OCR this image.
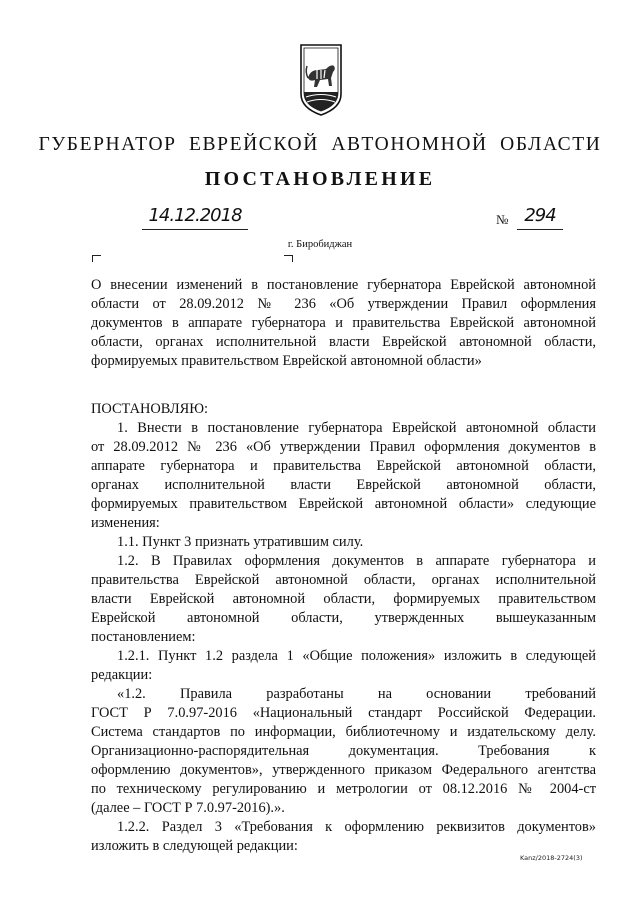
ГУБЕРНАТОР ЕВРЕЙСКОЙ АВТОНОМНОЙ ОБЛАСТИ
ПОСТАНОВЛЕНИЕ
14.12.2018	№ 294
г. Биробиджан
О внесении изменений в постановление губернатора Еврейской автономной
области от 28.09.2012 № 236 «Об утверждении Правил оформления
документов в аппарате губернатора и правительства Еврейской автономной
области, органах исполнительной власти Еврейской автономной области,
формируемых правительством Еврейской автономной области»
ПОСТАНОВЛЯЮ:
1. Внести в постановление губернатора Еврейской автономной области
от 28.09.2012 № 236 «Об утверждении Правил оформления документов в
аппарате губернатора и правительства Еврейской автономной области,
органах исполнительной власти Еврейской автономной области,
формируемых правительством Еврейской автономной области» следующие
изменения:
1.1. Пункт 3 признать утратившим силу.
1.2. В Правилах оформления документов в аппарате губернатора и
правительства Еврейской автономной области, органах исполнительной
власти Еврейской автономной области, формируемых правительством
Еврейской автономной области, утвержденных вышеуказанным
постановлением:
1.2.1. Пункт 1.2 раздела 1 «Общие положения» изложить в следующей
редакции:
«1.2. Правила разработаны на основании требований
ГОСТ Р 7.0.97-2016 «Национальный стандарт Российской Федерации.
Система стандартов по информации, библиотечному и издательскому делу.
Организационно-распорядительная документация. Требования к
оформлению документов», утвержденного приказом Федерального агентства
по техническому регулированию и метрологии от 08.12.2016 № 2004-ст
(далее – ГОСТ Р 7.0.97-2016).».
1.2.2. Раздел 3 «Требования к оформлению реквизитов документов»
изложить в следующей редакции:
Kanz/2018-2724(3)
